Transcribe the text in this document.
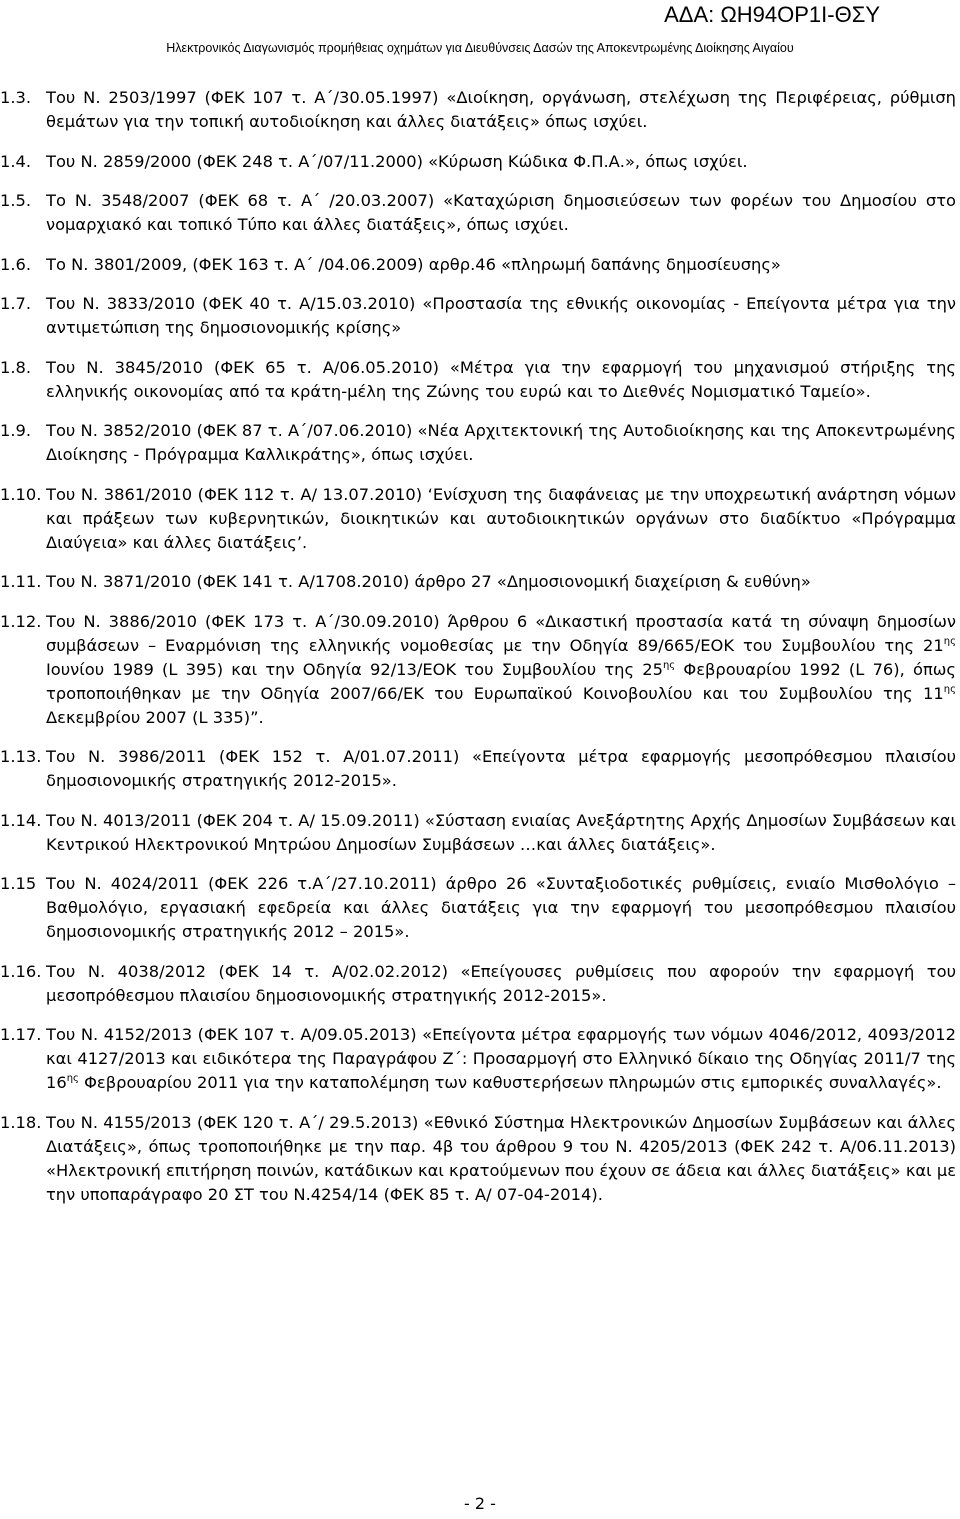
ΑΔΑ: ΩΗ94ΟΡ1Ι-ΘΣΥ
Ηλεκτρονικός Διαγωνισμός προμήθειας οχημάτων για Διευθύνσεις Δασών της Αποκεντρωμένης Διοίκησης Αιγαίου
1.3. Του Ν. 2503/1997 (ΦΕΚ 107 τ. Α΄/30.05.1997) «Διοίκηση, οργάνωση, στελέχωση της Περιφέρειας, ρύθμιση θεμάτων για την τοπική αυτοδιοίκηση και άλλες διατάξεις» όπως ισχύει.
1.4. Του Ν. 2859/2000 (ΦΕΚ 248 τ. Α΄/07/11.2000) «Κύρωση Κώδικα Φ.Π.Α.», όπως ισχύει.
1.5. Το Ν. 3548/2007 (ΦΕΚ 68 τ. Α΄ /20.03.2007) «Καταχώριση δημοσιεύσεων των φορέων του Δημοσίου στο νομαρχιακό και τοπικό Τύπο και άλλες διατάξεις», όπως ισχύει.
1.6. Το Ν. 3801/2009, (ΦΕΚ 163 τ. Α΄ /04.06.2009) αρθρ.46 «πληρωμή δαπάνης δημοσίευσης»
1.7. Του Ν. 3833/2010 (ΦΕΚ 40 τ. Α/15.03.2010) «Προστασία της εθνικής οικονομίας - Επείγοντα μέτρα για την αντιμετώπιση της δημοσιονομικής κρίσης»
1.8. Του Ν. 3845/2010 (ΦΕΚ 65 τ. Α/06.05.2010) «Μέτρα για την εφαρμογή του μηχανισμού στήριξης της ελληνικής οικονομίας από τα κράτη-μέλη της Ζώνης του ευρώ και το Διεθνές Νομισματικό Ταμείο».
1.9. Του Ν. 3852/2010 (ΦΕΚ 87 τ. Α΄/07.06.2010) «Νέα Αρχιτεκτονική της Αυτοδιοίκησης και της Αποκεντρωμένης Διοίκησης - Πρόγραμμα Καλλικράτης», όπως ισχύει.
1.10. Του Ν. 3861/2010 (ΦΕΚ 112 τ. Α/ 13.07.2010) ‘Ενίσχυση της διαφάνειας με την υποχρεωτική ανάρτηση νόμων και πράξεων των κυβερνητικών, διοικητικών και αυτοδιοικητικών οργάνων στο διαδίκτυο «Πρόγραμμα Διαύγεια» και άλλες διατάξεις’.
1.11. Του Ν. 3871/2010 (ΦΕΚ 141 τ. Α/1708.2010) άρθρο 27 «Δημοσιονομική διαχείριση & ευθύνη»
1.12. Του Ν. 3886/2010 (ΦΕΚ 173 τ. Α΄/30.09.2010) Άρθρου 6 «Δικαστική προστασία κατά τη σύναψη δημοσίων συμβάσεων – Εναρμόνιση της ελληνικής νομοθεσίας με την Οδηγία 89/665/ΕΟΚ του Συμβουλίου της $21^{\eta\varsigma}$ Ιουνίου 1989 (L 395) και την Οδηγία 92/13/ΕΟΚ του Συμβουλίου της $25^{\eta\varsigma}$ Φεβρουαρίου 1992 (L 76), όπως τροποποιήθηκαν με την Οδηγία 2007/66/ΕΚ του Ευρωπαϊκού Κοινοβουλίου και του Συμβουλίου της $11^{\eta\varsigma}$ Δεκεμβρίου 2007 (L 335)”.
1.13. Του Ν. 3986/2011 (ΦΕΚ 152 τ. Α/01.07.2011) «Επείγοντα μέτρα εφαρμογής μεσοπρόθεσμου πλαισίου δημοσιονομικής στρατηγικής 2012-2015».
1.14. Του Ν. 4013/2011 (ΦΕΚ 204 τ. Α/ 15.09.2011) «Σύσταση ενιαίας Ανεξάρτητης Αρχής Δημοσίων Συμβάσεων και Κεντρικού Ηλεκτρονικού Μητρώου Δημοσίων Συμβάσεων …και άλλες διατάξεις».
1.15 Του Ν. 4024/2011 (ΦΕΚ 226 τ.Α΄/27.10.2011) άρθρο 26 «Συνταξιοδοτικές ρυθμίσεις, ενιαίο Μισθολόγιο – Βαθμολόγιο, εργασιακή εφεδρεία και άλλες διατάξεις για την εφαρμογή του μεσοπρόθεσμου πλαισίου δημοσιονομικής στρατηγικής 2012 – 2015».
1.16. Του Ν. 4038/2012 (ΦΕΚ 14 τ. Α/02.02.2012) «Επείγουσες ρυθμίσεις που αφορούν την εφαρμογή του μεσοπρόθεσμου πλαισίου δημοσιονομικής στρατηγικής 2012-2015».
1.17. Του Ν. 4152/2013 (ΦΕΚ 107 τ. Α/09.05.2013) «Επείγοντα μέτρα εφαρμογής των νόμων 4046/2012, 4093/2012 και 4127/2013 και ειδικότερα της Παραγράφου Ζ΄: Προσαρμογή στο Ελληνικό δίκαιο της Οδηγίας 2011/7 της $16^{\eta\varsigma}$ Φεβρουαρίου 2011 για την καταπολέμηση των καθυστερήσεων πληρωμών στις εμπορικές συναλλαγές».
1.18. Του Ν. 4155/2013 (ΦΕΚ 120 τ. Α΄/ 29.5.2013) «Εθνικό Σύστημα Ηλεκτρονικών Δημοσίων Συμβάσεων και άλλες Διατάξεις», όπως τροποποιήθηκε με την παρ. 4β του άρθρου 9 του Ν. 4205/2013 (ΦΕΚ 242 τ. Α/06.11.2013) «Ηλεκτρονική επιτήρηση ποινών, κατάδικων και κρατούμενων που έχουν σε άδεια και άλλες διατάξεις» και με την υποπαράγραφο 20 ΣΤ του Ν.4254/14 (ΦΕΚ 85 τ. Α/ 07-04-2014).
- 2 -
